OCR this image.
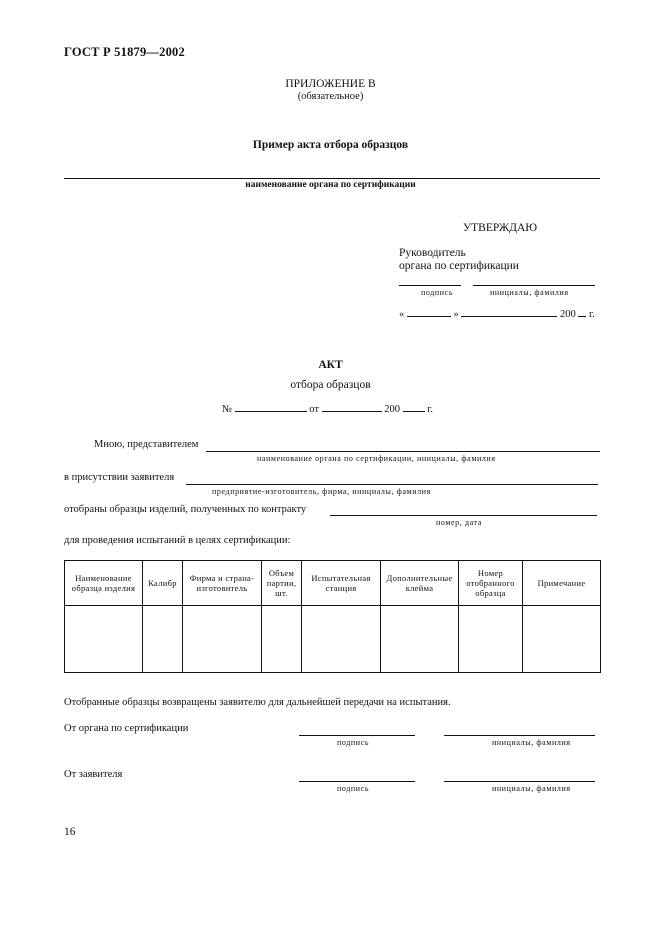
ГОСТ Р 51879—2002
ПРИЛОЖЕНИЕ В
(обязательное)
Пример акта отбора образцов
наименование органа по сертификации
УТВЕРЖДАЮ
Руководитель
органа по сертификации
подпись	инициалы, фамилия
«	»	200 г.
АКТ
отбора образцов
№	от	200	г.
Мною, представителем
наименование органа по сертификации, инициалы, фамилия
в присутствии заявителя
предприятие-изготовитель, фирма, инициалы, фамилия
отобраны образцы изделий, полученных по контракту
номер, дата
для проведения испытаний в целях сертификации:
Наименование образца изделия	Калибр	Фирма и страна-изготовитель	Объем партии, шт.	Испытательная станция	Дополнительные клейма	Номер отобранного образца	Примечание

Отобранные образцы возвращены заявителю для дальнейшей передачи на испытания.
От органа по сертификации
подпись	инициалы, фамилия
От заявителя
подпись	инициалы, фамилия
16
